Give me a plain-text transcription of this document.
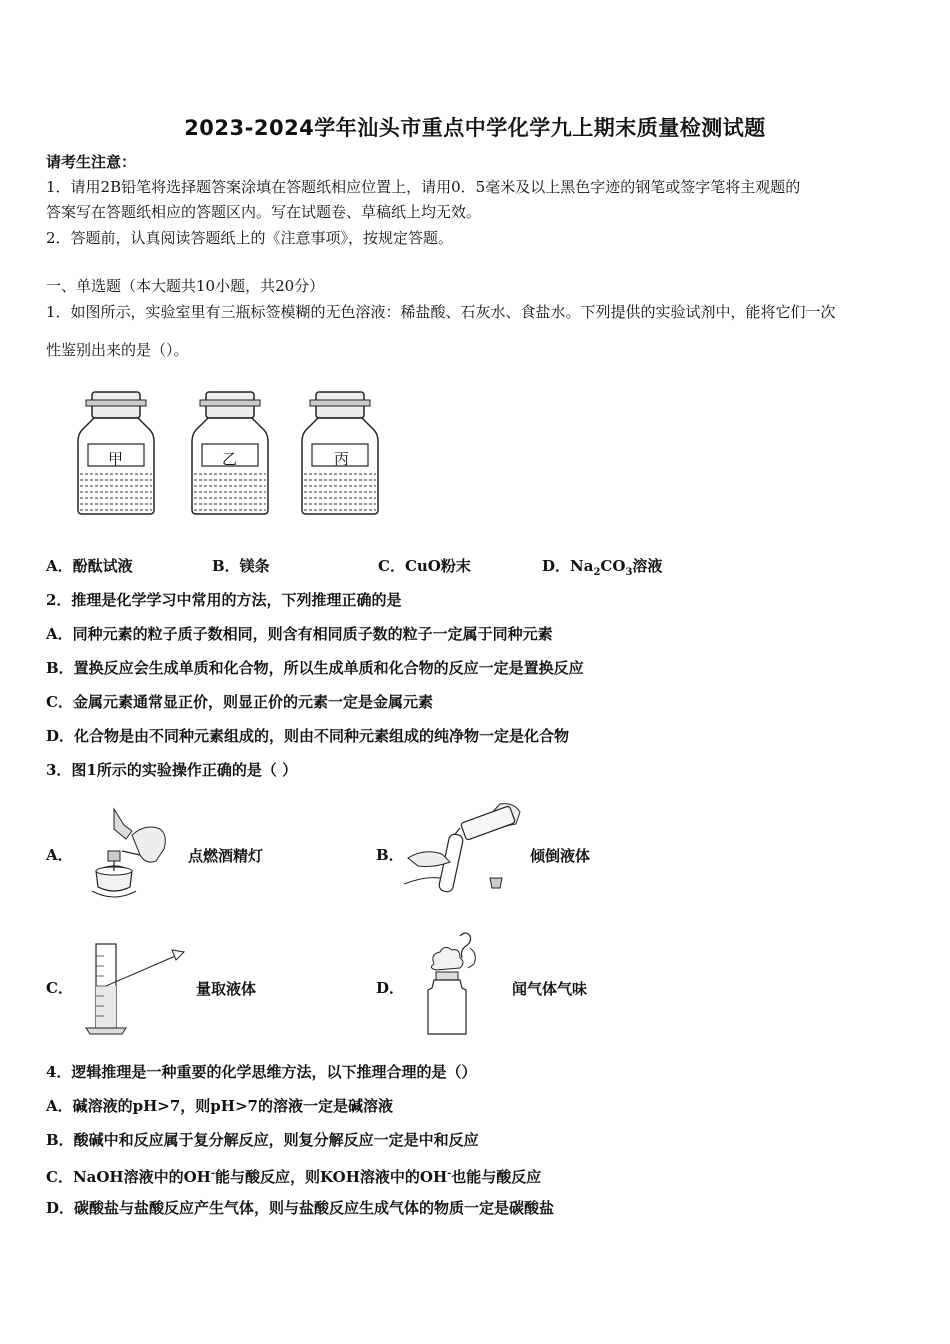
2023-2024学年汕头市重点中学化学九上期末质量检测试题
请考生注意：
1．请用2B铅笔将选择题答案涂填在答题纸相应位置上，请用0．5毫米及以上黑色字迹的钢笔或签字笔将主观题的
答案写在答题纸相应的答题区内。写在试题卷、草稿纸上均无效。
2．答题前，认真阅读答题纸上的《注意事项》，按规定答题。
一、单选题（本大题共10小题，共20分）
1．如图所示，实验室里有三瓶标签模糊的无色溶液：稀盐酸、石灰水、食盐水。下列提供的实验试剂中，能将它们一次
性鉴别出来的是（）。
甲	乙	丙
A．酚酞试液	B．镁条	C．CuO粉末	D．$Na_2CO_3$溶液
2．推理是化学学习中常用的方法，下列推理正确的是
A．同种元素的粒子质子数相同，则含有相同质子数的粒子一定属于同种元素
B．置换反应会生成单质和化合物，所以生成单质和化合物的反应一定是置换反应
C．金属元素通常显正价，则显正价的元素一定是金属元素
D．化合物是由不同种元素组成的，则由不同种元素组成的纯净物一定是化合物
3．图1所示的实验操作正确的是（ ）
A．	点燃酒精灯	B．	倾倒液体
C．	量取液体	D．	闻气体气味
4．逻辑推理是一种重要的化学思维方法，以下推理合理的是（）
A．碱溶液的pH>7，则pH>7的溶液一定是碱溶液
B．酸碱中和反应属于复分解反应，则复分解反应一定是中和反应
C．NaOH溶液中的OH-能与酸反应，则KOH溶液中的OH-也能与酸反应
D．碳酸盐与盐酸反应产生气体，则与盐酸反应生成气体的物质一定是碳酸盐
